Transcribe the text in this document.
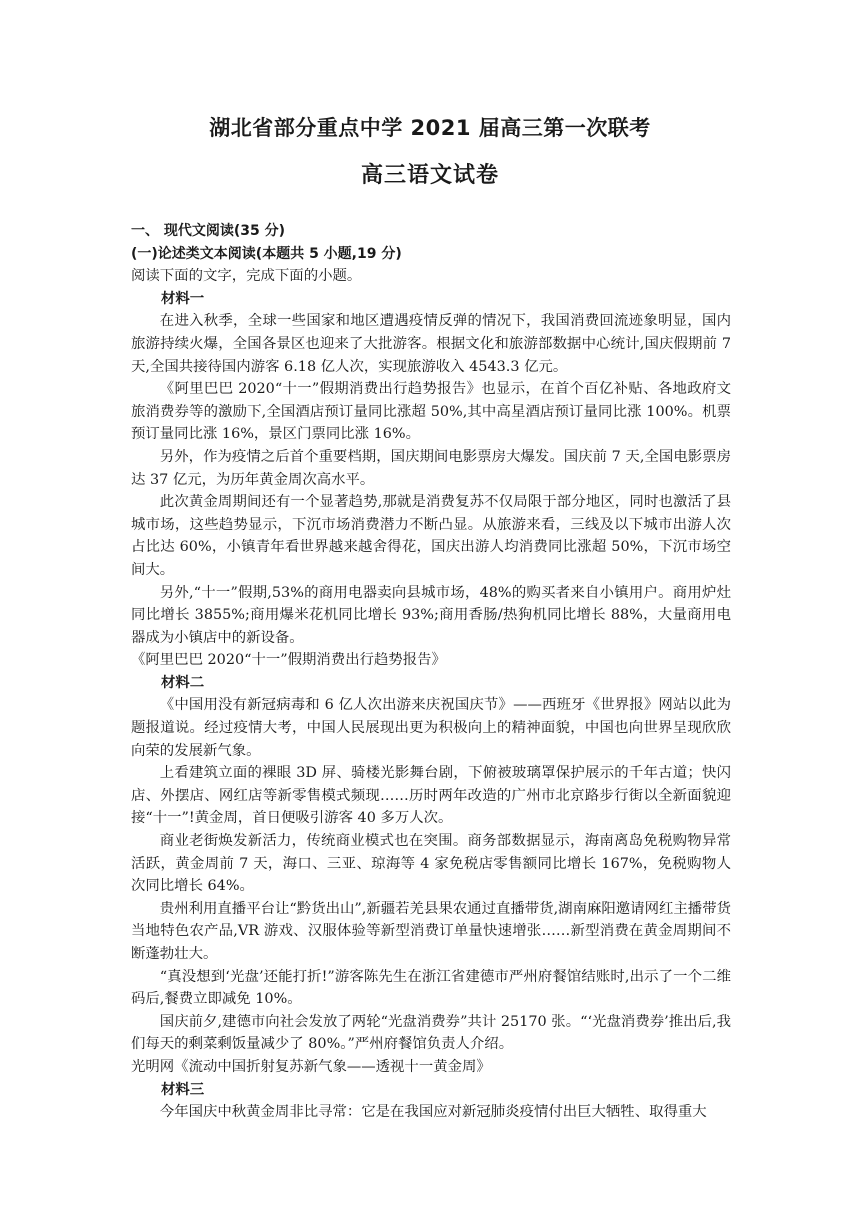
湖北省部分重点中学 2021 届高三第一次联考
高三语文试卷

一、 现代文阅读(35 分)

(一)论述类文本阅读(本题共 5 小题,19 分)

阅读下面的文字，完成下面的小题。

材料一

在进入秋季，全球一些国家和地区遭遇疫情反弹的情况下，我国消费回流迹象明显，国内旅游持续火爆，全国各景区也迎来了大批游客。根据文化和旅游部数据中心统计,国庆假期前 7 天,全国共接待国内游客 6.18 亿人次，实现旅游收入 4543.3 亿元。

《阿里巴巴 2020“十一”假期消费出行趋势报告》也显示，在首个百亿补贴、各地政府文旅消费券等的激励下,全国酒店预订量同比涨超 50%,其中高星酒店预订量同比涨 100%。机票预订量同比涨 16%，景区门票同比涨 16%。

另外，作为疫情之后首个重要档期，国庆期间电影票房大爆发。国庆前 7 天,全国电影票房达 37 亿元，为历年黄金周次高水平。

此次黄金周期间还有一个显著趋势,那就是消费复苏不仅局限于部分地区，同时也激活了县城市场，这些趋势显示，下沉市场消费潜力不断凸显。从旅游来看，三线及以下城市出游人次占比达 60%，小镇青年看世界越来越舍得花，国庆出游人均消费同比涨超 50%，下沉市场空间大。

另外,“十一”假期,53%的商用电器卖向县城市场，48%的购买者来自小镇用户。商用炉灶同比增长 3855%;商用爆米花机同比增长 93%;商用香肠/热狗机同比增长 88%，大量商用电器成为小镇店中的新设备。

《阿里巴巴 2020“十一”假期消费出行趋势报告》

材料二

《中国用没有新冠病毒和 6 亿人次出游来庆祝国庆节》——西班牙《世界报》网站以此为题报道说。经过疫情大考，中国人民展现出更为积极向上的精神面貌，中国也向世界呈现欣欣向荣的发展新气象。

上看建筑立面的裸眼 3D 屏、骑楼光影舞台剧，下俯被玻璃罩保护展示的千年古道；快闪店、外摆店、网红店等新零售模式频现……历时两年改造的广州市北京路步行街以全新面貌迎接“十一”!黄金周，首日便吸引游客 40 多万人次。

商业老街焕发新活力，传统商业模式也在突围。商务部数据显示，海南离岛免税购物异常活跃，黄金周前 7 天，海口、三亚、琼海等 4 家免税店零售额同比增长 167%，免税购物人次同比增长 64%。

贵州利用直播平台让“黔货出山”,新疆若羌县果农通过直播带货,湖南麻阳邀请网红主播带货当地特色农产品,VR 游戏、汉服体验等新型消费订单量快速增张……新型消费在黄金周期间不断蓬勃壮大。

“真没想到‘光盘’还能打折!”游客陈先生在浙江省建德市严州府餐馆结账时,出示了一个二维码后,餐费立即减免 10%。

国庆前夕,建德市向社会发放了两轮“光盘消费券”共计 25170 张。“‘光盘消费券’推出后,我们每天的剩菜剩饭量减少了 80%。”严州府餐馆负责人介绍。

光明网《流动中国折射复苏新气象——透视十一黄金周》

材料三

今年国庆中秋黄金周非比寻常：它是在我国应对新冠肺炎疫情付出巨大牺牲、取得重大
